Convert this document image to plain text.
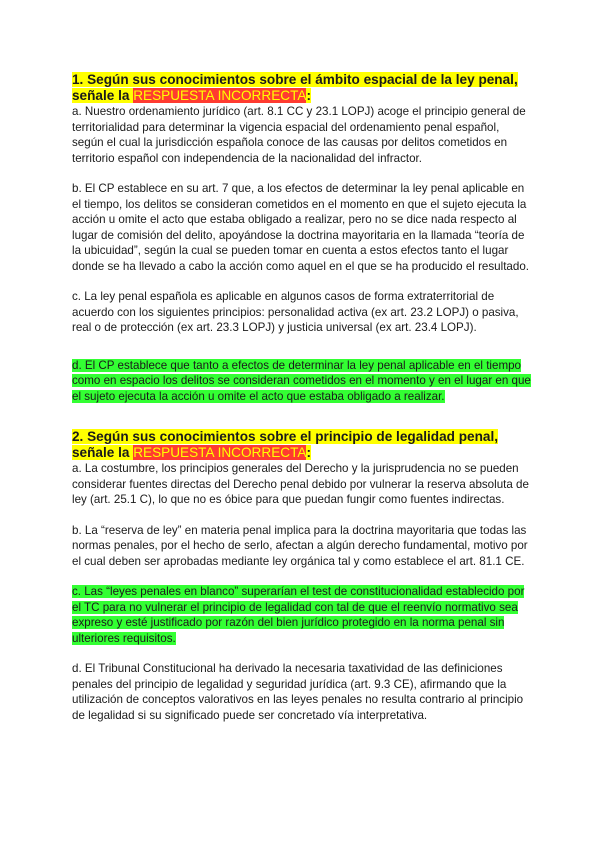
1. Según sus conocimientos sobre el ámbito espacial de la ley penal, señale la RESPUESTA INCORRECTA:

a. Nuestro ordenamiento jurídico (art. 8.1 CC y 23.1 LOPJ) acoge el principio general de territorialidad para determinar la vigencia espacial del ordenamiento penal español, según el cual la jurisdicción española conoce de las causas por delitos cometidos en territorio español con independencia de la nacionalidad del infractor.

b. El CP establece en su art. 7 que, a los efectos de determinar la ley penal aplicable en el tiempo, los delitos se consideran cometidos en el momento en que el sujeto ejecuta la acción u omite el acto que estaba obligado a realizar, pero no se dice nada respecto al lugar de comisión del delito, apoyándose la doctrina mayoritaria en la llamada “teoría de la ubicuidad”, según la cual se pueden tomar en cuenta a estos efectos tanto el lugar donde se ha llevado a cabo la acción como aquel en el que se ha producido el resultado.

c. La ley penal española es aplicable en algunos casos de forma extraterritorial de acuerdo con los siguientes principios: personalidad activa (ex art. 23.2 LOPJ) o pasiva, real o de protección (ex art. 23.3 LOPJ) y justicia universal (ex art. 23.4 LOPJ).

d. El CP establece que tanto a efectos de determinar la ley penal aplicable en el tiempo como en espacio los delitos se consideran cometidos en el momento y en el lugar en que el sujeto ejecuta la acción u omite el acto que estaba obligado a realizar.

2. Según sus conocimientos sobre el principio de legalidad penal, señale la RESPUESTA INCORRECTA:

a. La costumbre, los principios generales del Derecho y la jurisprudencia no se pueden considerar fuentes directas del Derecho penal debido por vulnerar la reserva absoluta de ley (art. 25.1 C), lo que no es óbice para que puedan fungir como fuentes indirectas.

b. La “reserva de ley” en materia penal implica para la doctrina mayoritaria que todas las normas penales, por el hecho de serlo, afectan a algún derecho fundamental, motivo por el cual deben ser aprobadas mediante ley orgánica tal y como establece el art. 81.1 CE.

c. Las “leyes penales en blanco” superarían el test de constitucionalidad establecido por el TC para no vulnerar el principio de legalidad con tal de que el reenvío normativo sea expreso y esté justificado por razón del bien jurídico protegido en la norma penal sin ulteriores requisitos.

d. El Tribunal Constitucional ha derivado la necesaria taxatividad de las definiciones penales del principio de legalidad y seguridad jurídica (art. 9.3 CE), afirmando que la utilización de conceptos valorativos en las leyes penales no resulta contrario al principio de legalidad si su significado puede ser concretado vía interpretativa.
